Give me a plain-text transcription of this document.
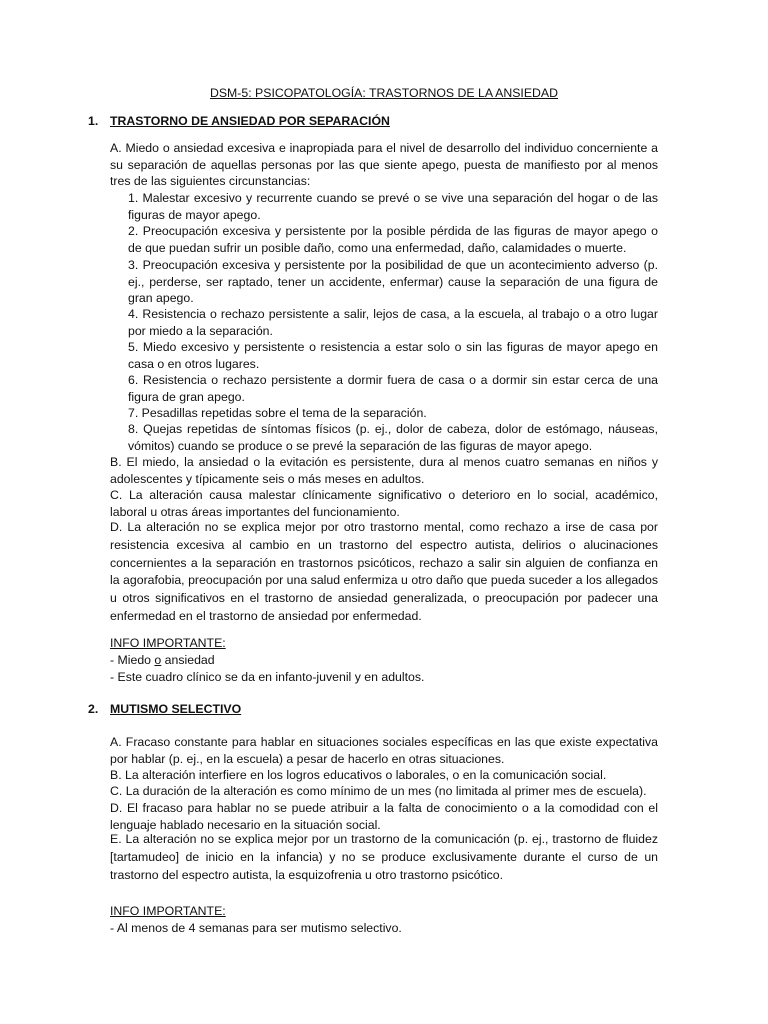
DSM-5: PSICOPATOLOGÍA: TRASTORNOS DE LA ANSIEDAD
1. TRASTORNO DE ANSIEDAD POR SEPARACIÓN
A. Miedo o ansiedad excesiva e inapropiada para el nivel de desarrollo del individuo concerniente a su separación de aquellas personas por las que siente apego, puesta de manifiesto por al menos tres de las siguientes circunstancias:
1. Malestar excesivo y recurrente cuando se prevé o se vive una separación del hogar o de las figuras de mayor apego.
2. Preocupación excesiva y persistente por la posible pérdida de las figuras de mayor apego o de que puedan sufrir un posible daño, como una enfermedad, daño, calamidades o muerte.
3. Preocupación excesiva y persistente por la posibilidad de que un acontecimiento adverso (p. ej., perderse, ser raptado, tener un accidente, enfermar) cause la separación de una figura de gran apego.
4. Resistencia o rechazo persistente a salir, lejos de casa, a la escuela, al trabajo o a otro lugar por miedo a la separación.
5. Miedo excesivo y persistente o resistencia a estar solo o sin las figuras de mayor apego en casa o en otros lugares.
6. Resistencia o rechazo persistente a dormir fuera de casa o a dormir sin estar cerca de una figura de gran apego.
7. Pesadillas repetidas sobre el tema de la separación.
8. Quejas repetidas de síntomas físicos (p. ej., dolor de cabeza, dolor de estómago, náuseas, vómitos) cuando se produce o se prevé la separación de las figuras de mayor apego.
B. El miedo, la ansiedad o la evitación es persistente, dura al menos cuatro semanas en niños y adolescentes y típicamente seis o más meses en adultos.
C. La alteración causa malestar clínicamente significativo o deterioro en lo social, académico, laboral u otras áreas importantes del funcionamiento.
D. La alteración no se explica mejor por otro trastorno mental, como rechazo a irse de casa por resistencia excesiva al cambio en un trastorno del espectro autista, delirios o alucinaciones concernientes a la separación en trastornos psicóticos, rechazo a salir sin alguien de confianza en la agorafobia, preocupación por una salud enfermiza u otro daño que pueda suceder a los allegados u otros significativos en el trastorno de ansiedad generalizada, o preocupación por padecer una enfermedad en el trastorno de ansiedad por enfermedad.
INFO IMPORTANTE:
- Miedo o ansiedad
- Este cuadro clínico se da en infanto-juvenil y en adultos.
2. MUTISMO SELECTIVO
A. Fracaso constante para hablar en situaciones sociales específicas en las que existe expectativa por hablar (p. ej., en la escuela) a pesar de hacerlo en otras situaciones.
B. La alteración interfiere en los logros educativos o laborales, o en la comunicación social.
C. La duración de la alteración es como mínimo de un mes (no limitada al primer mes de escuela).
D. El fracaso para hablar no se puede atribuir a la falta de conocimiento o a la comodidad con el lenguaje hablado necesario en la situación social.
E. La alteración no se explica mejor por un trastorno de la comunicación (p. ej., trastorno de fluidez [tartamudeo] de inicio en la infancia) y no se produce exclusivamente durante el curso de un trastorno del espectro autista, la esquizofrenia u otro trastorno psicótico.
INFO IMPORTANTE:
- Al menos de 4 semanas para ser mutismo selectivo.
